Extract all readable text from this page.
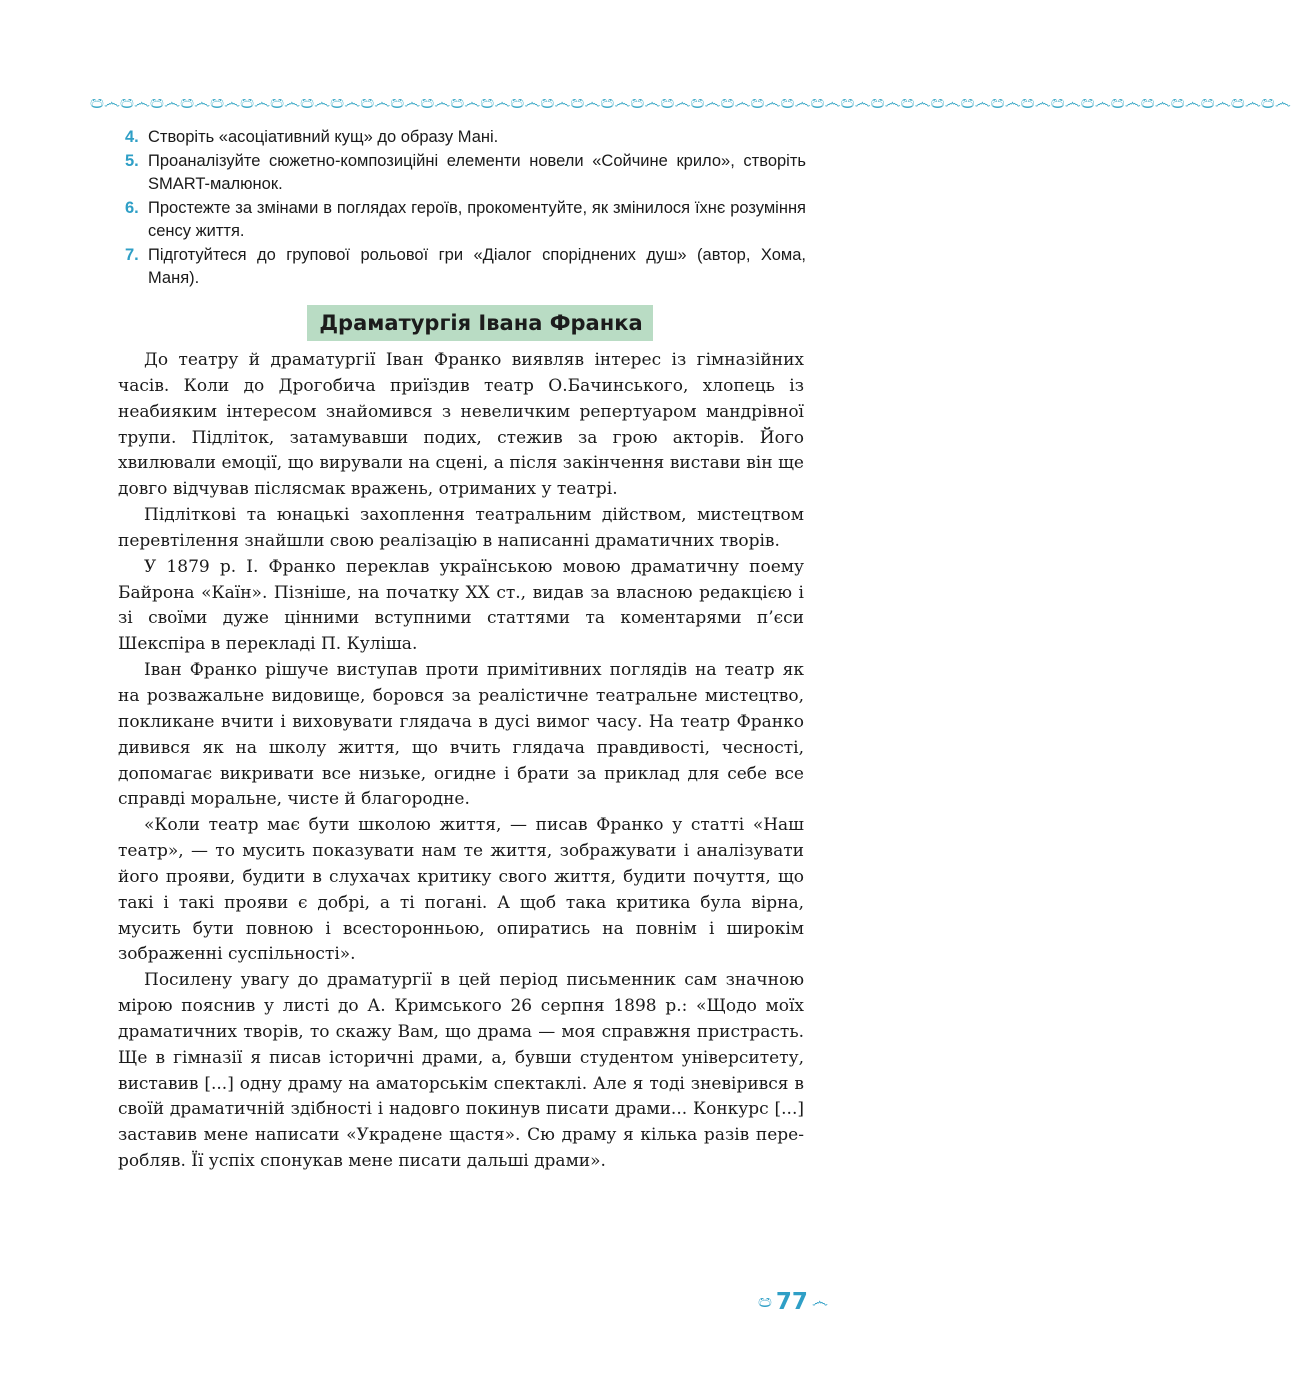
ඏ෴ඏ෴ඏ෴ඏ෴ඏ෴ඏ෴ඏ෴ඏ෴ඏ෴ඏ෴ඏ෴ඏ෴ඏ෴ඏ෴ඏ෴ඏ෴ඏ෴ඏ෴ඏ෴ඏ෴ඏ෴ඏ෴ඏ෴ඏ෴ඏ෴ඏ෴ඏ෴ඏ෴ඏ෴ඏ෴ඏ෴ඏ෴ඏ෴ඏ෴ඏ෴ඏ෴ඏ෴ඏ෴ඏ෴ඏ෴
4. Створіть «асоціативний кущ» до образу Мані.
5. Проаналізуйте сюжетно-композиційні елементи новели «Сойчине крило», створіть SMART-малюнок.
6. Простежте за змінами в поглядах героїв, прокоментуйте, як змінилося їхнє розуміння сенсу життя.
7. Підготуйтеся до групової рольової гри «Діалог споріднених душ» (автор, Хома, Маня).
Драматургія Івана Франка

До театру й драматургії Іван Франко виявляв інтерес із гімназійних часів. Коли до Дрогобича приїздив театр О.Бачинського, хлопець із неабияким інтересом знайомився з невеличким репертуаром мандрівної трупи. Підліток, затамувавши подих, стежив за грою акторів. Його хвилювали емоції, що вирували на сцені, а після закінчення вистави він ще довго відчував післясмак вражень, отриманих у театрі.

Підліткові та юнацькі захоплення театральним дійством, мистецтвом перевтілення знайшли свою реалізацію в написанні драматичних творів.

У 1879 р. І. Франко переклав українською мовою драматичну поему Байрона «Каїн». Пізніше, на початку XX ст., видав за власною редакцією і зі своїми дуже цінними вступними статтями та коментарями п’єси Шекспіра в перекладі П. Куліша.

Іван Франко рішуче виступав проти примітивних поглядів на театр як на розважальне видовище, боровся за реалістичне театральне мистецтво, покликане вчити і виховувати глядача в дусі вимог часу. На театр Франко дивився як на школу життя, що вчить глядача правдивості, чесності, допомагає викривати все низьке, огидне і брати за приклад для себе все справді моральне, чисте й благородне.

«Коли театр має бути школою життя, — писав Франко у статті «Наш театр», — то мусить показувати нам те життя, зображувати і аналізувати його прояви, будити в слухачах критику свого життя, будити почуття, що такі і такі прояви є добрі, а ті погані. А щоб така критика була вірна, мусить бути повною і всесторонньою, опиратись на повнім і широкім зображенні суспільності».

Посилену увагу до драматургії в цей період письменник сам значною мірою пояснив у листі до А. Кримського 26 серпня 1898 р.: «Щодо моїх драматичних творів, то скажу Вам, що драма — моя справжня пристрасть. Ще в гімназії я писав історичні драми, а, бувши студентом університету, виставив [...] одну драму на аматорськім спектаклі. Але я тоді зневірився в своїй драматичній здібності і надовго покинув писати драми... Конкурс [...] заставив мене написати «Украдене щастя». Сю драму я кілька разів переробляв. Її успіх спонукав мене писати дальші драми».

ඏ 77 ෴
